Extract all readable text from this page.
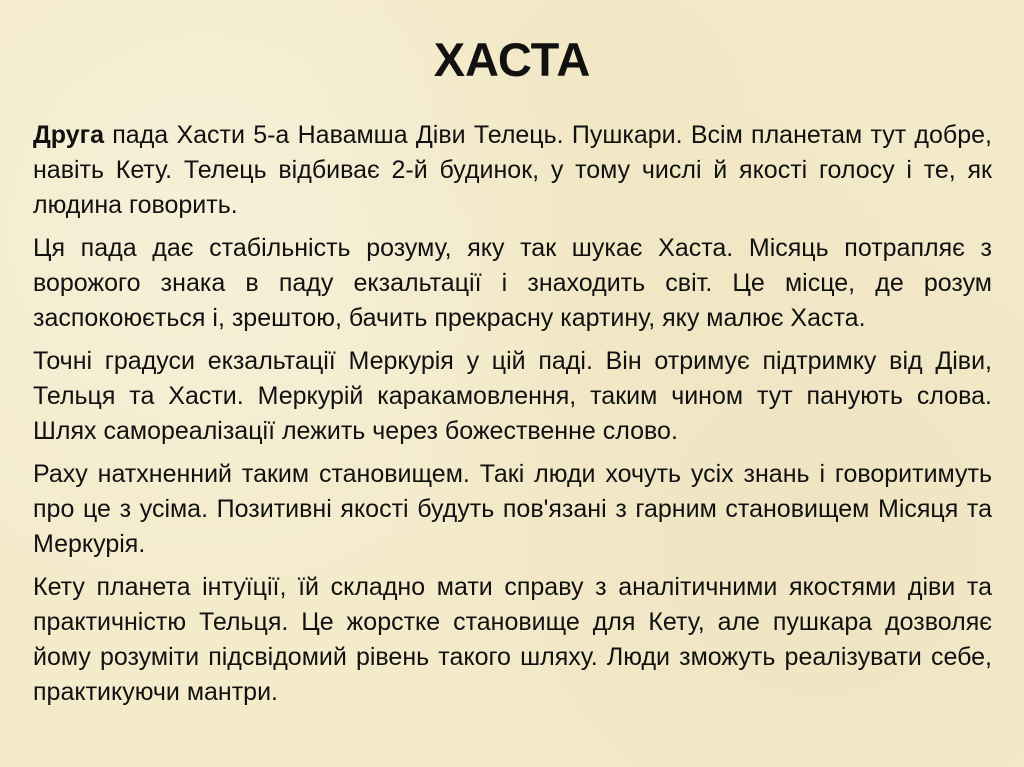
ХАСТА

Друга пада Хасти 5-а Навамша Діви Телець. Пушкари. Всім планетам тут добре, навіть Кету. Телець відбиває 2-й будинок, у тому числі й якості голосу і те, як людина говорить.

Ця пада дає стабільність розуму, яку так шукає Хаста. Місяць потрапляє з ворожого знака в паду екзальтації і знаходить світ. Це місце, де розум заспокоюється і, зрештою, бачить прекрасну картину, яку малює Хаста.

Точні градуси екзальтації Меркурія у цій паді. Він отримує підтримку від Діви, Тельця та Хасти. Меркурій каракамовлення, таким чином тут панують слова. Шлях самореалізації лежить через божественне слово.

Раху натхненний таким становищем. Такі люди хочуть усіх знань і говоритимуть про це з усіма. Позитивні якості будуть пов'язані з гарним становищем Місяця та Меркурія.

Кету планета інтуїції, їй складно мати справу з аналітичними якостями діви та практичністю Тельця. Це жорстке становище для Кету, але пушкара дозволяє йому розуміти підсвідомий рівень такого шляху. Люди зможуть реалізувати себе, практикуючи мантри.
